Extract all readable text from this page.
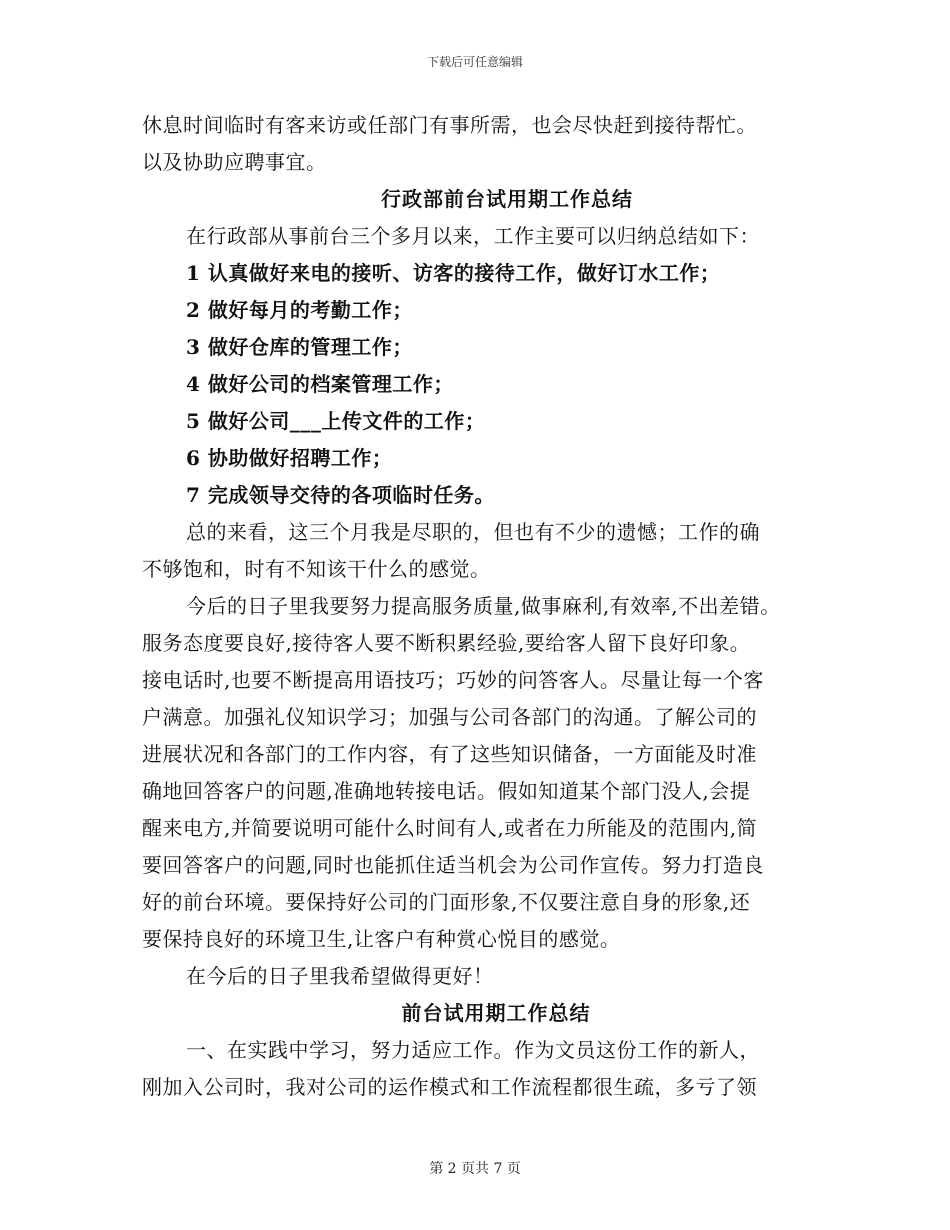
下载后可任意编辑
休息时间临时有客来访或任部门有事所需，也会尽快赶到接待帮忙。
以及协助应聘事宜。
行政部前台试用期工作总结
在行政部从事前台三个多月以来，工作主要可以归纳总结如下：
1 认真做好来电的接听、访客的接待工作，做好订水工作；
2 做好每月的考勤工作；
3 做好仓库的管理工作；
4 做好公司的档案管理工作；
5 做好公司___上传文件的工作；
6 协助做好招聘工作；
7 完成领导交待的各项临时任务。
总的来看，这三个月我是尽职的，但也有不少的遗憾；工作的确
不够饱和，时有不知该干什么的感觉。
今后的日子里我要努力提高服务质量,做事麻利,有效率,不出差错。
服务态度要良好,接待客人要不断积累经验,要给客人留下良好印象。
接电话时,也要不断提高用语技巧；巧妙的问答客人。尽量让每一个客
户满意。加强礼仪知识学习；加强与公司各部门的沟通。了解公司的
进展状况和各部门的工作内容，有了这些知识储备，一方面能及时准
确地回答客户的问题,准确地转接电话。假如知道某个部门没人,会提
醒来电方,并简要说明可能什么时间有人,或者在力所能及的范围内,简
要回答客户的问题,同时也能抓住适当机会为公司作宣传。努力打造良
好的前台环境。要保持好公司的门面形象,不仅要注意自身的形象,还
要保持良好的环境卫生,让客户有种赏心悦目的感觉。
在今后的日子里我希望做得更好！
前台试用期工作总结
一、在实践中学习，努力适应工作。作为文员这份工作的新人，
刚加入公司时，我对公司的运作模式和工作流程都很生疏，多亏了领
第 2 页共 7 页
